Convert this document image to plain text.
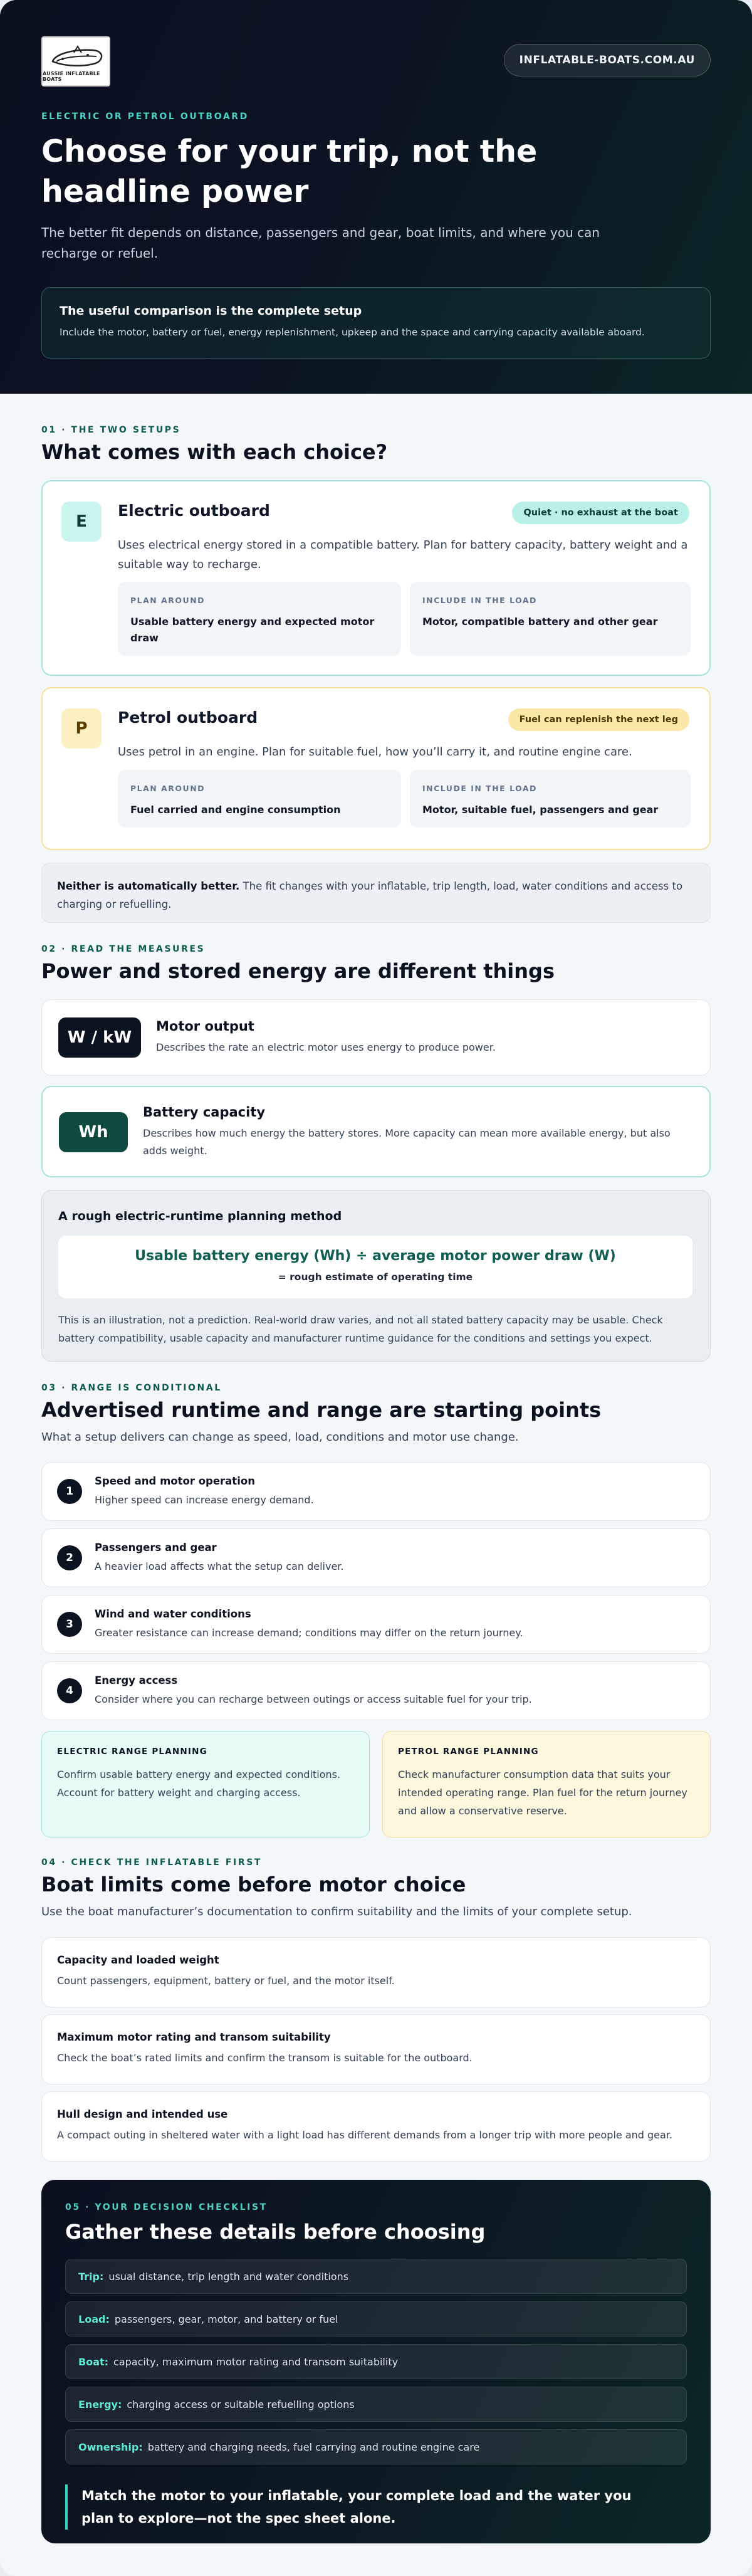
AUSSIE INFLATABLE BOATS
INFLATABLE-BOATS.COM.AU
ELECTRIC OR PETROL OUTBOARD
Choose for your trip, not the headline power
The better fit depends on distance, passengers and gear, boat limits, and where you can recharge or refuel.
The useful comparison is the complete setup
Include the motor, battery or fuel, energy replenishment, upkeep and the space and carrying capacity available aboard.
01 · THE TWO SETUPS
What comes with each choice?
E
Electric outboard	Quiet · no exhaust at the boat
Uses electrical energy stored in a compatible battery. Plan for battery capacity, battery weight and a suitable way to recharge.
PLAN AROUND
Usable battery energy and expected motor draw
INCLUDE IN THE LOAD
Motor, compatible battery and other gear
P
Petrol outboard	Fuel can replenish the next leg
Uses petrol in an engine. Plan for suitable fuel, how you’ll carry it, and routine engine care.
PLAN AROUND
Fuel carried and engine consumption
INCLUDE IN THE LOAD
Motor, suitable fuel, passengers and gear
Neither is automatically better. The fit changes with your inflatable, trip length, load, water conditions and access to charging or refuelling.
02 · READ THE MEASURES
Power and stored energy are different things
W / kW
Motor output
Describes the rate an electric motor uses energy to produce power.
Wh
Battery capacity
Describes how much energy the battery stores. More capacity can mean more available energy, but also adds weight.
A rough electric-runtime planning method
Usable battery energy (Wh) ÷ average motor power draw (W)
= rough estimate of operating time
This is an illustration, not a prediction. Real-world draw varies, and not all stated battery capacity may be usable. Check battery compatibility, usable capacity and manufacturer runtime guidance for the conditions and settings you expect.
03 · RANGE IS CONDITIONAL
Advertised runtime and range are starting points
What a setup delivers can change as speed, load, conditions and motor use change.
1
Speed and motor operation
Higher speed can increase energy demand.
2
Passengers and gear
A heavier load affects what the setup can deliver.
3
Wind and water conditions
Greater resistance can increase demand; conditions may differ on the return journey.
4
Energy access
Consider where you can recharge between outings or access suitable fuel for your trip.
ELECTRIC RANGE PLANNING
Confirm usable battery energy and expected conditions. Account for battery weight and charging access.
PETROL RANGE PLANNING
Check manufacturer consumption data that suits your intended operating range. Plan fuel for the return journey and allow a conservative reserve.
04 · CHECK THE INFLATABLE FIRST
Boat limits come before motor choice
Use the boat manufacturer’s documentation to confirm suitability and the limits of your complete setup.
Capacity and loaded weight
Count passengers, equipment, battery or fuel, and the motor itself.
Maximum motor rating and transom suitability
Check the boat’s rated limits and confirm the transom is suitable for the outboard.
Hull design and intended use
A compact outing in sheltered water with a light load has different demands from a longer trip with more people and gear.
05 · YOUR DECISION CHECKLIST
Gather these details before choosing
Trip: usual distance, trip length and water conditions
Load: passengers, gear, motor, and battery or fuel
Boat: capacity, maximum motor rating and transom suitability
Energy: charging access or suitable refuelling options
Ownership: battery and charging needs, fuel carrying and routine engine care
Match the motor to your inflatable, your complete load and the water you plan to explore—not the spec sheet alone.
